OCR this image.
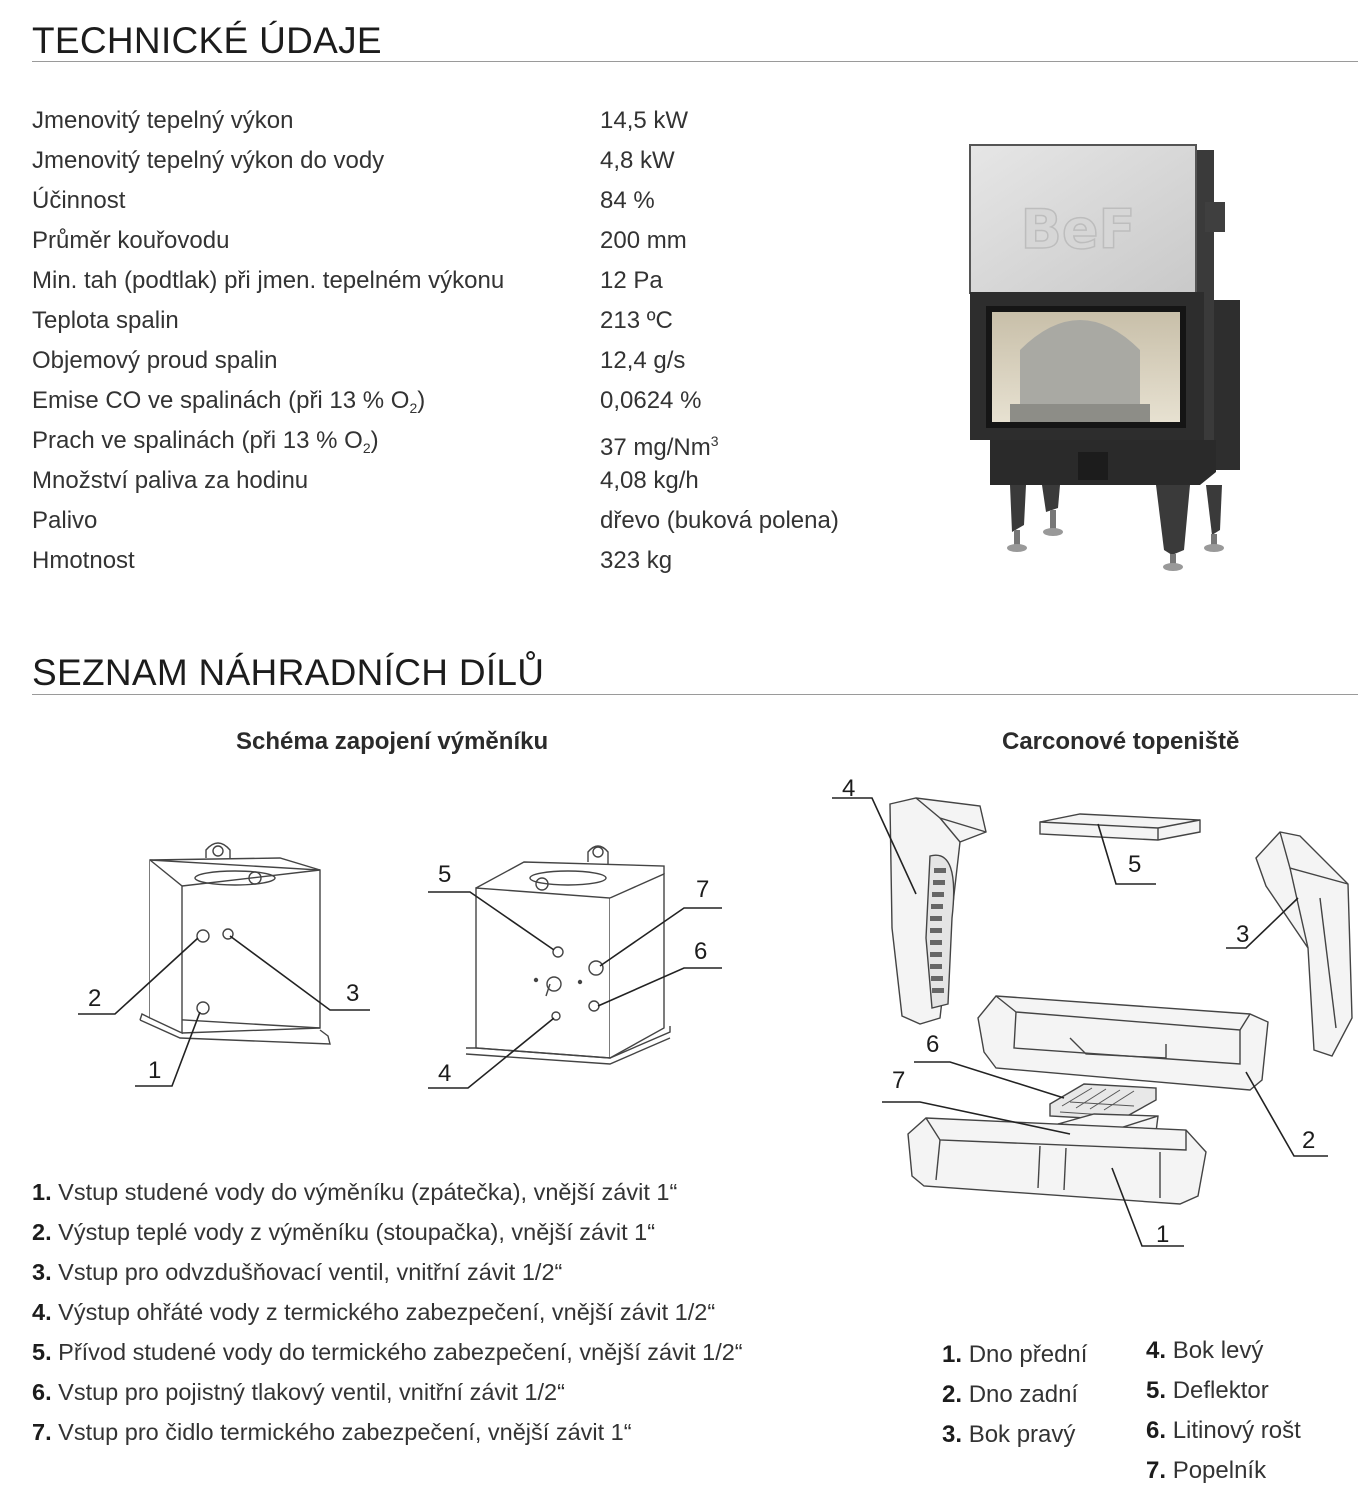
TECHNICKÉ ÚDAJE
Jmenovitý tepelný výkon	14,5 kW
Jmenovitý tepelný výkon do vody	4,8 kW
Účinnost	84 %
Průměr kouřovodu	200 mm
Min. tah (podtlak) při jmen. tepelném výkonu	12 Pa
Teplota spalin	213 ºC
Objemový proud spalin	12,4 g/s
Emise CO ve spalinách (při 13 % $O_2$)	0,0624 %
Prach ve spalinách (při 13 % $O_2$)	37 mg/Nm$^3$
Množství paliva za hodinu	4,08 kg/h
Palivo	dřevo (buková polena)
Hmotnost	323 kg
BeF
SEZNAM NÁHRADNÍCH DÍLŮ
Schéma zapojení výměníku	Carconové topeniště
2	3
1
5
7
6
4
4
5
3
6
7
2
1
1. Vstup studené vody do výměníku (zpátečka), vnější závit 1“
2. Výstup teplé vody z výměníku (stoupačka), vnější závit 1“
3. Vstup pro odvzdušňovací ventil, vnitřní závit 1/2“
4. Výstup ohřáté vody z termického zabezpečení, vnější závit 1/2“
5. Přívod studené vody do termického zabezpečení, vnější závit 1/2“
6. Vstup pro pojistný tlakový ventil, vnitřní závit 1/2“
7. Vstup pro čidlo termického zabezpečení, vnější závit 1“
1. Dno přední
2. Dno zadní
3. Bok pravý
4. Bok levý
5. Deflektor
6. Litinový rošt
7. Popelník
